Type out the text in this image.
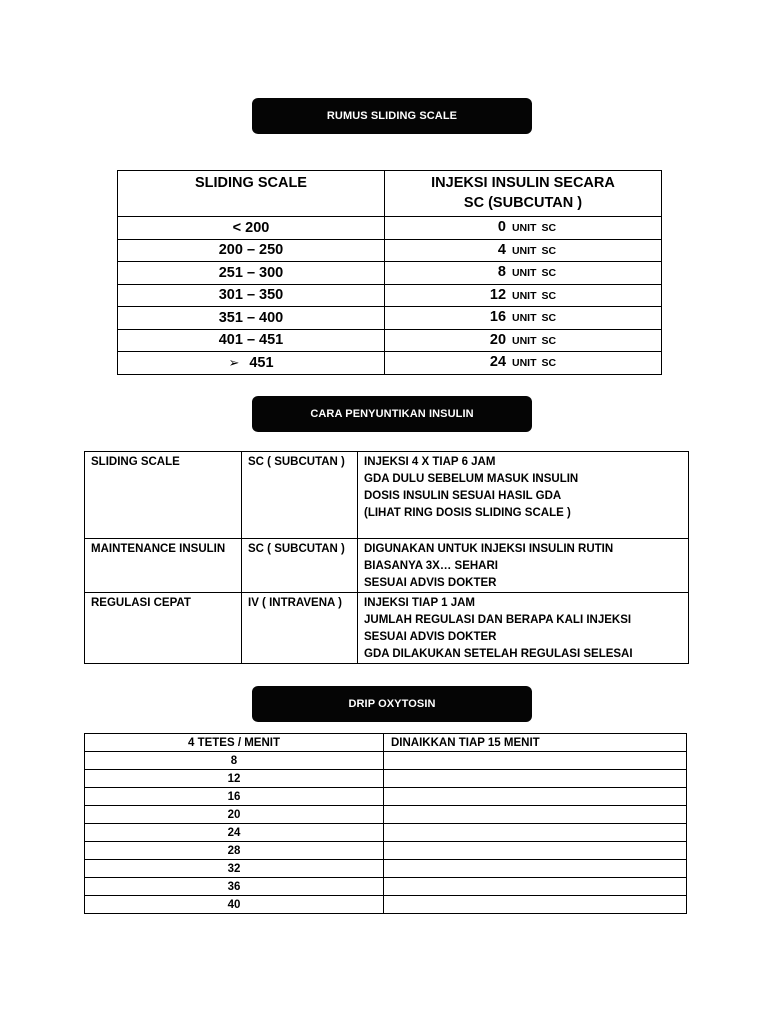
RUMUS SLIDING SCALE
SLIDING SCALE	INJEKSI INSULIN SECARA
SC (SUBCUTAN )
< 200	0 UNIT SC
200 – 250	4 UNIT SC
251 – 300	8 UNIT SC
301 – 350	12 UNIT SC
351 – 400	16 UNIT SC
401 – 451	20 UNIT SC
➢ 451	24 UNIT SC
CARA PENYUNTIKAN INSULIN
SLIDING SCALE	SC ( SUBCUTAN )	INJEKSI 4 X TIAP 6 JAM
GDA DULU SEBELUM MASUK INSULIN
DOSIS INSULIN SESUAI HASIL GDA
(LIHAT RING DOSIS SLIDING SCALE )

MAINTENANCE INSULIN	SC ( SUBCUTAN )	DIGUNAKAN UNTUK INJEKSI INSULIN RUTIN
BIASANYA 3X… SEHARI
SESUAI ADVIS DOKTER

REGULASI CEPAT	IV ( INTRAVENA )	INJEKSI TIAP 1 JAM
JUMLAH REGULASI DAN BERAPA KALI INJEKSI
SESUAI ADVIS DOKTER
GDA DILAKUKAN SETELAH REGULASI SELESAI
DRIP OXYTOSIN
4 TETES / MENIT	DINAIKKAN TIAP 15 MENIT
8	
12	
16	
20	
24	
28	
32	
36	
40	
